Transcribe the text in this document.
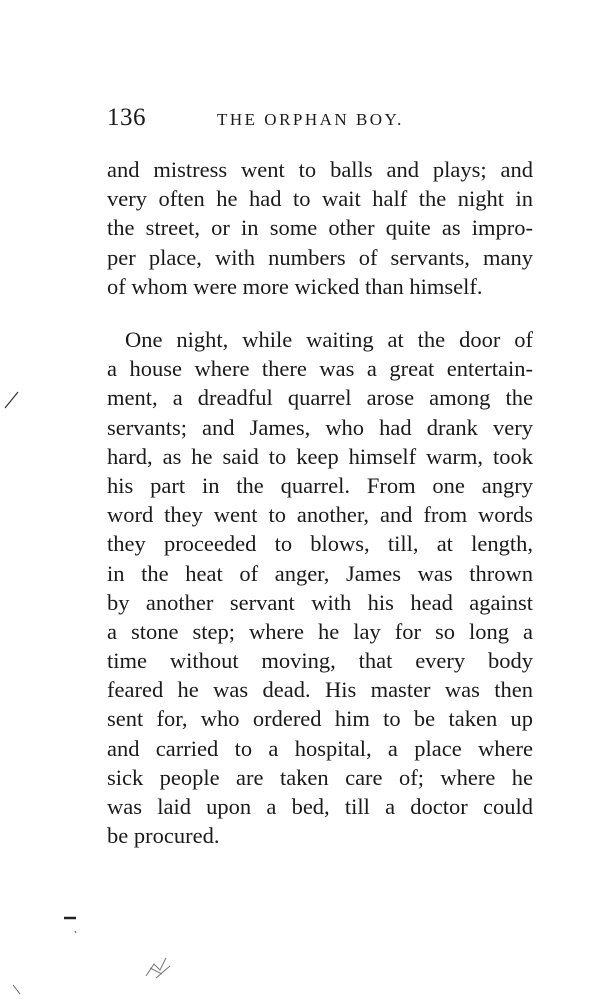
136	THE ORPHAN BOY.
and mistress went to balls and plays; and
very often he had to wait half the night in
the street, or in some other quite as impro-
per place, with numbers of servants, many
of whom were more wicked than himself.
One night, while waiting at the door of
a house where there was a great entertain-
ment, a dreadful quarrel arose among the
servants; and James, who had drank very
hard, as he said to keep himself warm, took
his part in the quarrel. From one angry
word they went to another, and from words
they proceeded to blows, till, at length,
in the heat of anger, James was thrown
by another servant with his head against
a stone step; where he lay for so long a
time without moving, that every body
feared he was dead. His master was then
sent for, who ordered him to be taken up
and carried to a hospital, a place where
sick people are taken care of; where he
was laid upon a bed, till a doctor could
be procured.
